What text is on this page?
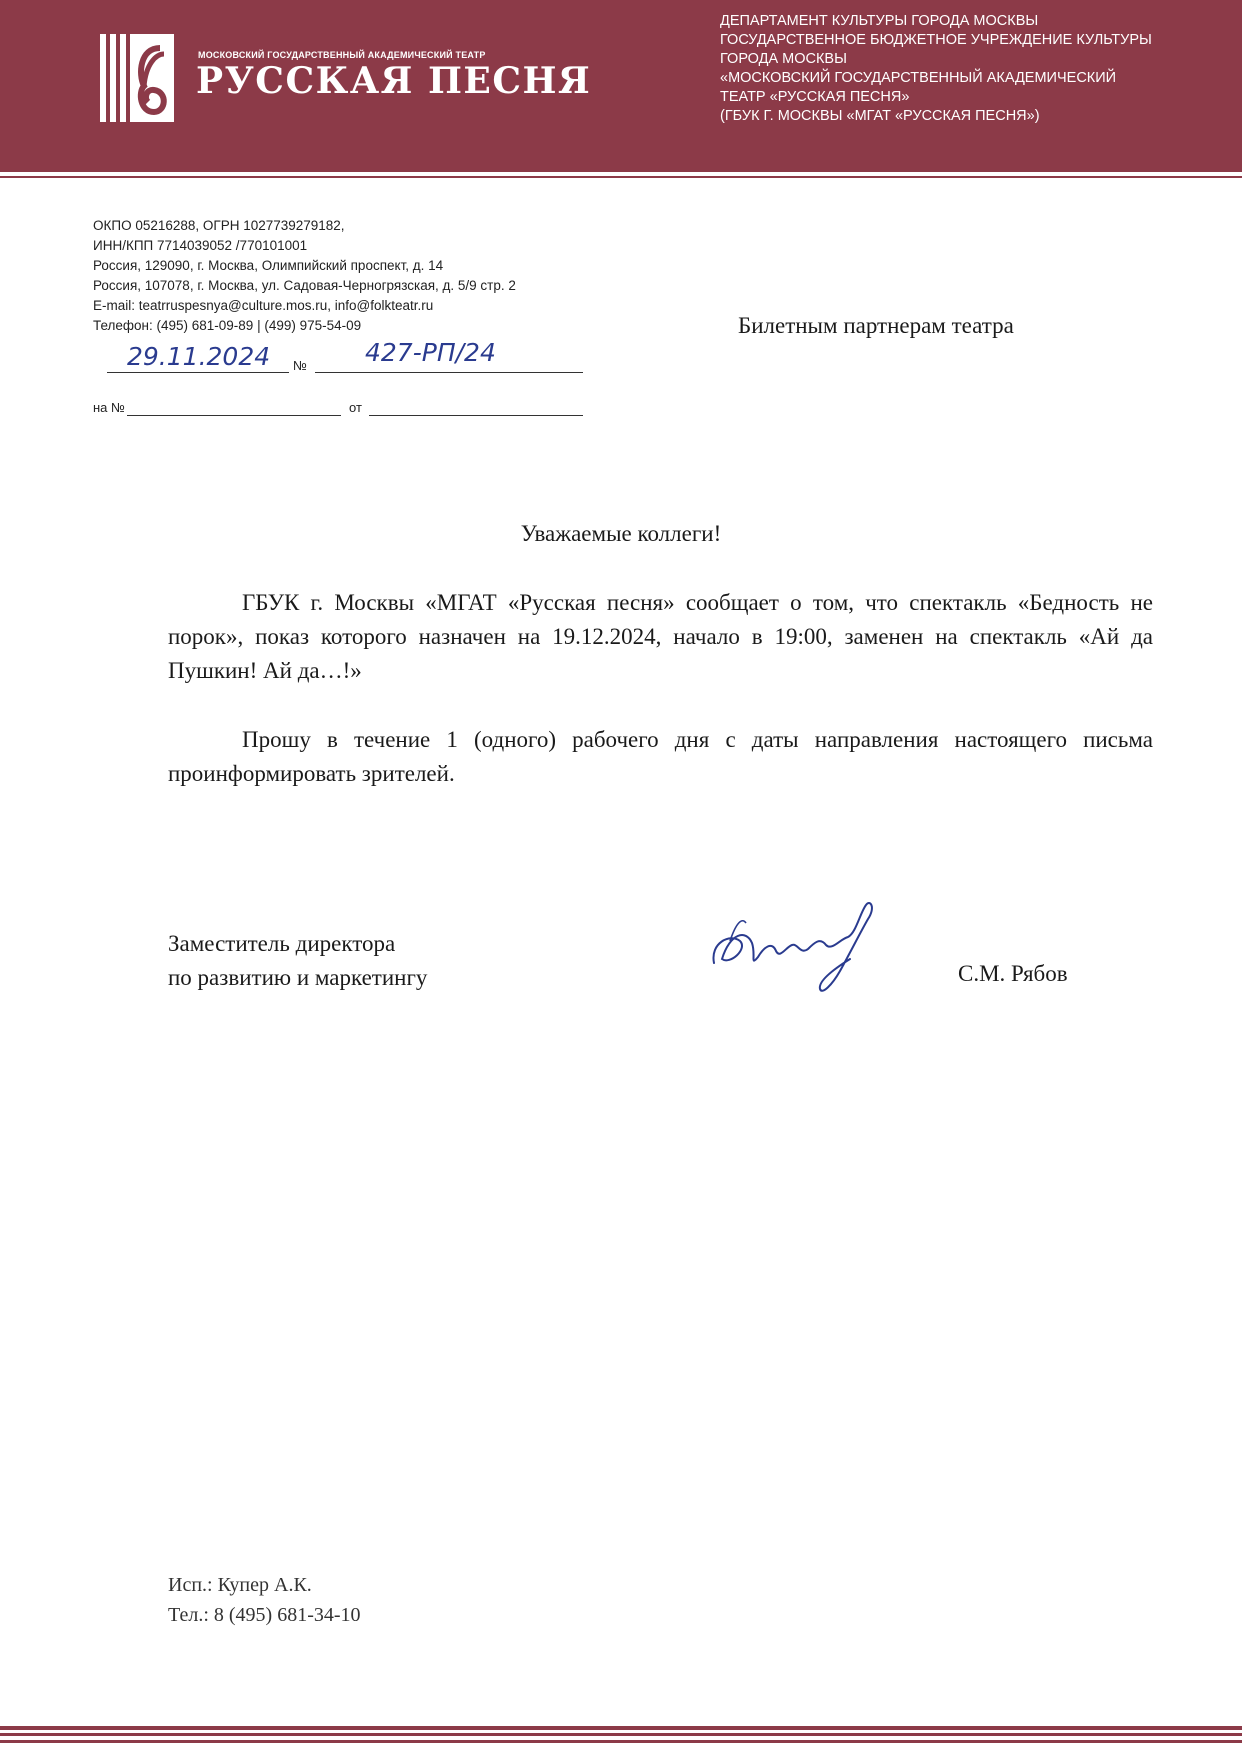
МОСКОВСКИЙ ГОСУДАРСТВЕННЫЙ АКАДЕМИЧЕСКИЙ ТЕАТР
РУССКАЯ ПЕСНЯ
ДЕПАРТАМЕНТ КУЛЬТУРЫ ГОРОДА МОСКВЫ
ГОСУДАРСТВЕННОЕ БЮДЖЕТНОЕ УЧРЕЖДЕНИЕ КУЛЬТУРЫ
ГОРОДА МОСКВЫ
«МОСКОВСКИЙ ГОСУДАРСТВЕННЫЙ АКАДЕМИЧЕСКИЙ
ТЕАТР «РУССКАЯ ПЕСНЯ»
(ГБУК Г. МОСКВЫ «МГАТ «РУССКАЯ ПЕСНЯ»)
ОКПО 05216288, ОГРН 1027739279182,
ИНН/КПП 7714039052 /770101001
Россия, 129090, г. Москва, Олимпийский проспект, д. 14
Россия, 107078, г. Москва, ул. Садовая-Черногрязская, д. 5/9 стр. 2
E-mail: teatrruspesnya@culture.mos.ru, info@folkteatr.ru
Телефон: (495) 681-09-89 | (499) 975-54-09
29.11.2024 № 427-РП/24
на №	от
Билетным партнерам театра
Уважаемые коллеги!

ГБУК г. Москвы «МГАТ «Русская песня» сообщает о том, что спектакль «Бедность не порок», показ которого назначен на 19.12.2024, начало в 19:00, заменен на спектакль «Ай да Пушкин! Ай да…!»

Прошу в течение 1 (одного) рабочего дня с даты направления настоящего письма проинформировать зрителей.

Заместитель директора
по развитию и маркетингу	С.М. Рябов
Исп.: Купер А.К.
Тел.: 8 (495) 681-34-10
